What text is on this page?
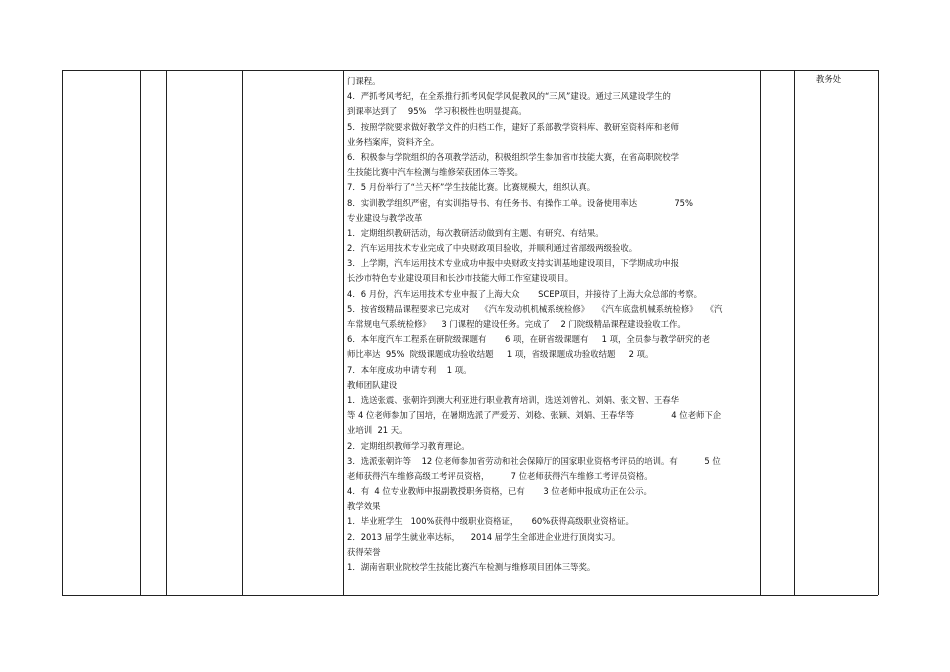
门课程。
4．严抓考风考纪，在全系推行抓考风促学风促教风的“三风”建设。通过三风建设学生的
到课率达到了    95%   学习积极性也明显提高。
5．按照学院要求做好教学文件的归档工作，建好了系部教学资料库、教研室资料库和老师
业务档案库，资料齐全。
6．积极参与学院组织的各项教学活动，积极组织学生参加省市技能大赛，在省高职院校学
生技能比赛中汽车检测与维修荣获团体三等奖。
7．5 月份举行了“兰天杯”学生技能比赛。比赛规模大，组织认真。
8．实训教学组织严密，有实训指导书、有任务书、有操作工单。设备使用率达              75%
专业建设与教学改革
1．定期组织教研活动，每次教研活动做到有主题、有研究、有结果。
2．汽车运用技术专业完成了中央财政项目验收，并顺利通过省部级两级验收。
3．上学期，汽车运用技术专业成功申报中央财政支持实训基地建设项目，下学期成功申报
长沙市特色专业建设项目和长沙市技能大师工作室建设项目。
4．6 月份，汽车运用技术专业申报了上海大众       SCEP项目，并接待了上海大众总部的考察。
5．按省级精品课程要求已完成对    《汽车发动机机械系统检修》   《汽车底盘机械系统检修》   《汽
车常规电气系统检修》    3 门课程的建设任务。完成了    2 门院级精品课程建设验收工作。
6．本年度汽车工程系在研院级课题有       6 项，在研省级课题有     1 项，全员参与教学研究的老
师比率达  95%  院级课题成功验收结题     1 项，省级课题成功验收结题     2 项。
7．本年度成功申请专利    1 项。
教师团队建设
1．选送张震、张朝许到澳大利亚进行职业教育培训，选送刘曾礼、刘娟、张文智、王春华
等 4 位老师参加了国培，在暑期选派了严爱芳、刘稔、张颖、刘娟、王春华等              4 位老师下企
业培训  21 天。
2．定期组织教师学习教育理论。
3．选派张朝许等    12 位老师参加省劳动和社会保障厅的国家职业资格考评员的培训。有          5 位
老师获得汽车维修高级工考评员资格，        7 位老师获得汽车维修工考评员资格。
4．有  4 位专业教师申报副教授职务资格，已有       3 位老师申报成功正在公示。
教学效果
1．毕业班学生   100%获得中级职业资格证，     60%获得高级职业资格证。
2．2013 届学生就业率达标，    2014 届学生全部进企业进行顶岗实习。
获得荣誉
1．湖南省职业院校学生技能比赛汽车检测与维修项目团体三等奖。
教务处
